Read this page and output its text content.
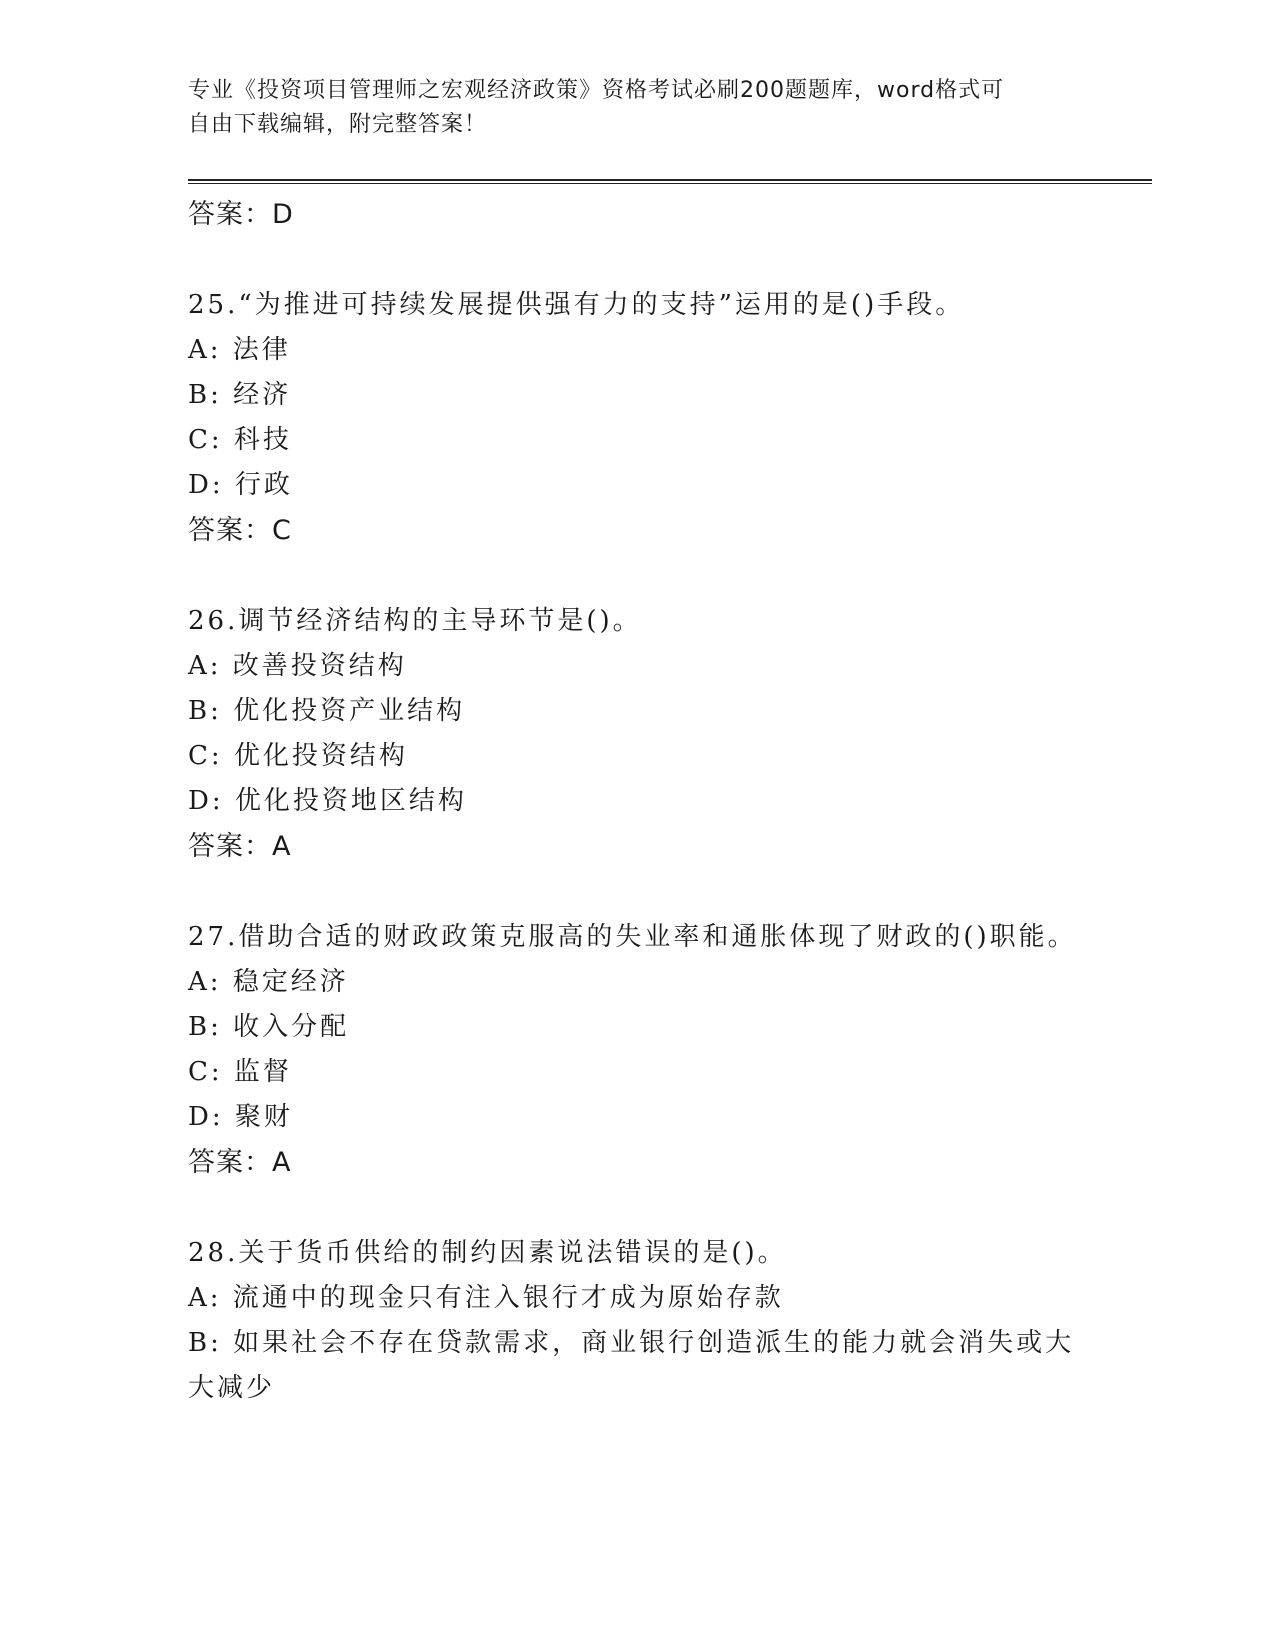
专业《投资项目管理师之宏观经济政策》资格考试必刷200题题库，word格式可
自由下载编辑，附完整答案！
答案：D
25.“为推进可持续发展提供强有力的支持”运用的是()手段。
A: 法律
B: 经济
C: 科技
D: 行政
答案：C
26.调节经济结构的主导环节是()。
A: 改善投资结构
B: 优化投资产业结构
C: 优化投资结构
D: 优化投资地区结构
答案：A
27.借助合适的财政政策克服高的失业率和通胀体现了财政的()职能。
A: 稳定经济
B: 收入分配
C: 监督
D: 聚财
答案：A
28.关于货币供给的制约因素说法错误的是()。
A: 流通中的现金只有注入银行才成为原始存款
B: 如果社会不存在贷款需求，商业银行创造派生的能力就会消失或大大减少
